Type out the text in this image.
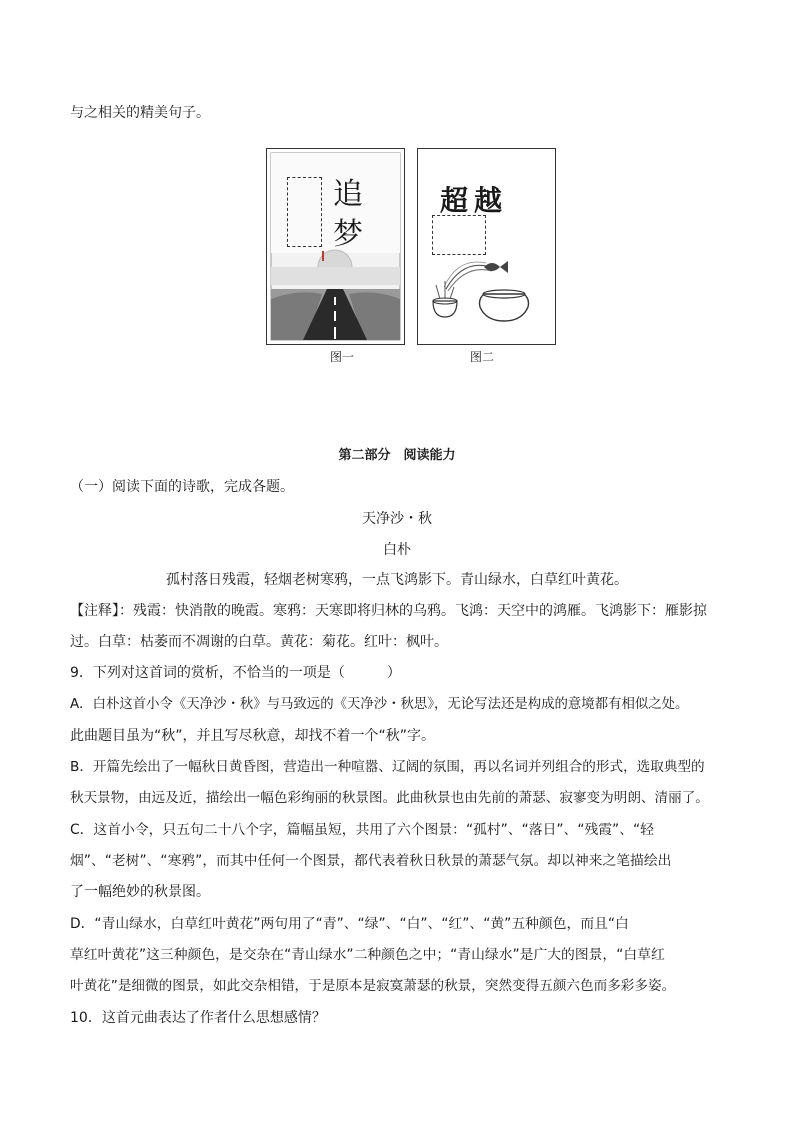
与之相关的精美句子。
追
梦
图一
超越
图二
第二部分　阅读能力
（一）阅读下面的诗歌，完成各题。
天净沙・秋
白朴
孤村落日残霞，轻烟老树寒鸦，一点飞鸿影下。青山绿水，白草红叶黄花。
【注释】：残霞：快消散的晚霞。寒鸦：天寒即将归林的乌鸦。飞鸿：天空中的鸿雁。飞鸿影下：雁影掠
过。白草：枯萎而不凋谢的白草。黄花：菊花。红叶：枫叶。
9．下列对这首词的赏析，不恰当的一项是（　　　）
A．白朴这首小令《天净沙・秋》与马致远的《天净沙・秋思》，无论写法还是构成的意境都有相似之处。
此曲题目虽为“秋”，并且写尽秋意，却找不着一个“秋”字。
B．开篇先绘出了一幅秋日黄昏图，营造出一种喧嚣、辽阔的氛围，再以名词并列组合的形式，选取典型的
秋天景物，由远及近，描绘出一幅色彩绚丽的秋景图。此曲秋景也由先前的萧瑟、寂寥变为明朗、清丽了。
C．这首小令，只五句二十八个字，篇幅虽短，共用了六个图景：“孤村”、“落日”、“残霞”、“轻
烟”、“老树”、“寒鸦”，而其中任何一个图景，都代表着秋日秋景的萧瑟气氛。却以神来之笔描绘出
了一幅绝妙的秋景图。
D．“青山绿水，白草红叶黄花”两句用了“青”、“绿”、“白”、“红”、“黄”五种颜色，而且“白
草红叶黄花”这三种颜色，是交杂在“青山绿水”二种颜色之中；“青山绿水”是广大的图景，“白草红
叶黄花”是细微的图景，如此交杂相错，于是原本是寂寞萧瑟的秋景，突然变得五颜六色而多彩多姿。
10．这首元曲表达了作者什么思想感情？
